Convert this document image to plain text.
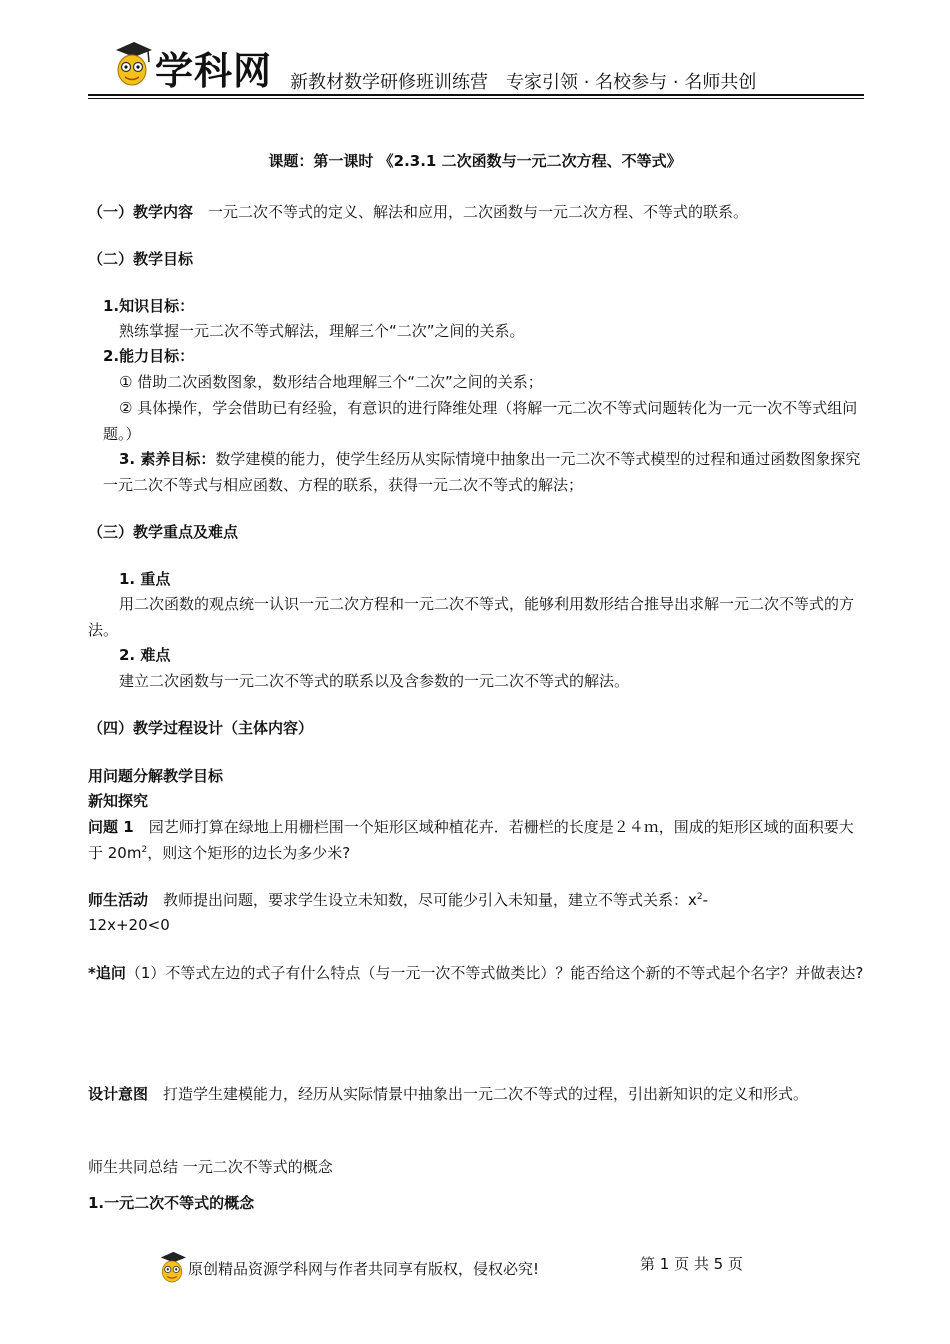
学科网 新教材数学研修班训练营　专家引领 · 名校参与 · 名师共创
课题：第一课时 《2.3.1 二次函数与一元二次方程、不等式》
（一）教学内容　 一元二次不等式的定义、解法和应用，二次函数与一元二次方程、不等式的联系。
（二）教学目标
1.知识目标：
熟练掌握一元二次不等式解法，理解三个“二次”之间的关系。
2.能力目标：
① 借助二次函数图象，数形结合地理解三个“二次”之间的关系；
② 具体操作，学会借助已有经验，有意识的进行降维处理（将解一元二次不等式问题转化为一元一次不等式组问题。）
3. 素养目标：数学建模的能力，使学生经历从实际情境中抽象出一元二次不等式模型的过程和通过函数图象探究一元二次不等式与相应函数、方程的联系，获得一元二次不等式的解法；
（三）教学重点及难点
1. 重点
用二次函数的观点统一认识一元二次方程和一元二次不等式，能够利用数形结合推导出求解一元二次不等式的方法。
2. 难点
建立二次函数与一元二次不等式的联系以及含参数的一元二次不等式的解法。
（四）教学过程设计（主体内容）
用问题分解教学目标
新知探究
问题 1　 园艺师打算在绿地上用栅栏围一个矩形区域种植花卉．若栅栏的长度是２４ｍ，围成的矩形区域的面积要大于 $20m^2$，则这个矩形的边长为多少米?
师生活动　 教师提出问题，要求学生设立未知数，尽可能少引入未知量，建立不等式关系：$x^2-$
12x+20<0
*追问（1）不等式左边的式子有什么特点（与一元一次不等式做类比）？能否给这个新的不等式起个名字？并做表达?
设计意图　 打造学生建模能力，经历从实际情景中抽象出一元二次不等式的过程，引出新知识的定义和形式。
师生共同总结 一元二次不等式的概念
1.一元二次不等式的概念
原创精品资源学科网与作者共同享有版权，侵权必究!	第 1 页 共 5 页
